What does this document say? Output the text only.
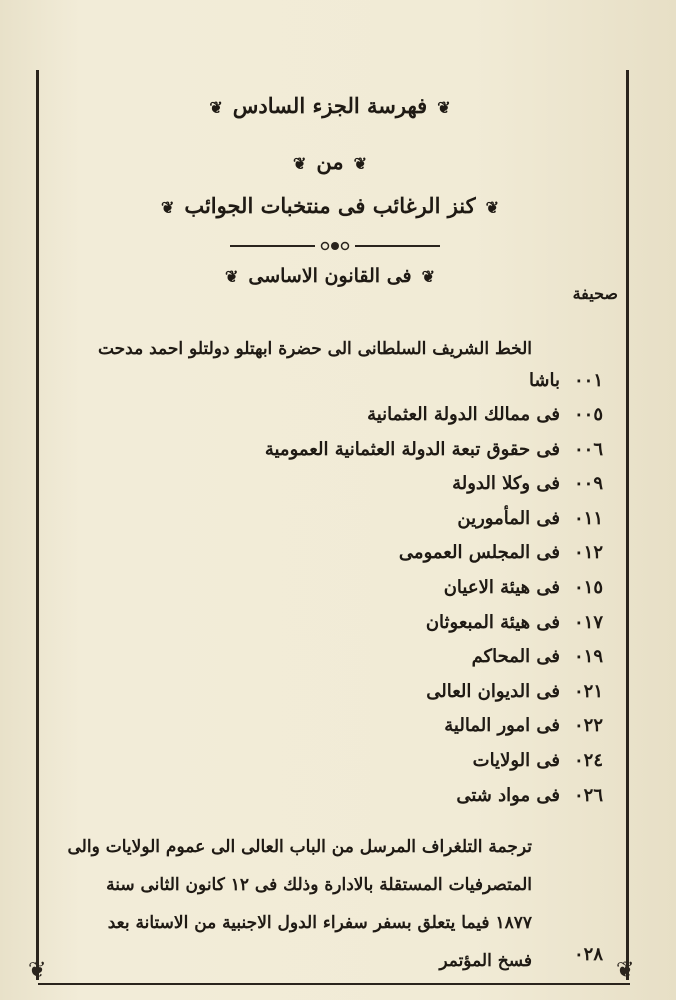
❦	❦
❦فهرسة الجزء السادس❦
❦من❦
❦كنز الرغائب فى منتخبات الجوائب❦
❦فى القانون الاساسى❦
صحيفة
الخط الشريف السلطانى الى حضرة ابهتلو دولتلو احمد مدحت
٠٠١
باشا
٠٠٥
فى ممالك الدولة العثمانية
٠٠٦
فى حقوق تبعة الدولة العثمانية العمومية
٠٠٩
فى وكلا الدولة
٠١١
فى المأمورين
٠١٢
فى المجلس العمومى
٠١٥
فى هيئة الاعيان
٠١٧
فى هيئة المبعوثان
٠١٩
فى المحاكم
٠٢١
فى الديوان العالى
٠٢٢
فى امور المالية
٠٢٤
فى الولايات
٠٢٦
فى مواد شتى
ترجمة التلغراف المرسل من الباب العالى الى عموم الولايات والى
المتصرفيات المستقلة بالادارة وذلك فى ١٢ كانون الثانى سنة
١٨٧٧ فيما يتعلق بسفر سفراء الدول الاجنبية من الاستانة بعد
فسخ المؤتمر ٠٢٨
